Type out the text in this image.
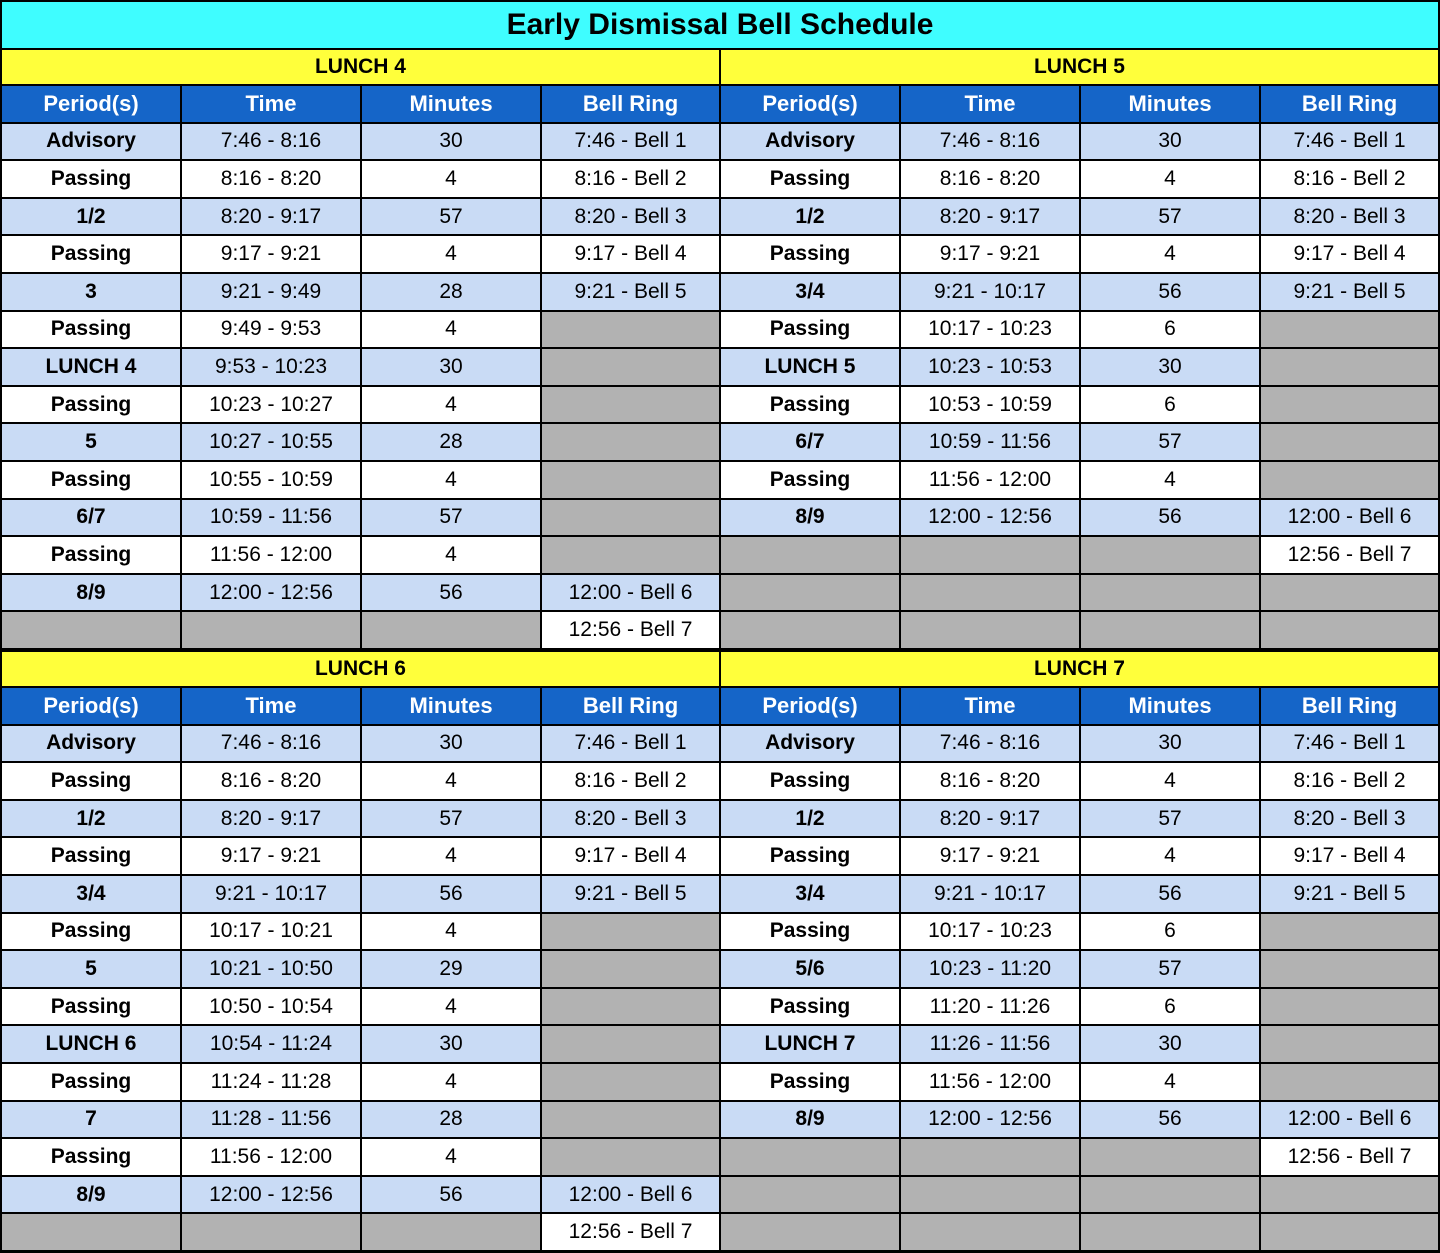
Early Dismissal Bell Schedule
LUNCH 4
Period(s)	Time	Minutes	Bell Ring
Advisory	7:46 - 8:16	30	7:46 - Bell 1
Passing	8:16 - 8:20	4	8:16 - Bell 2
1/2	8:20 - 9:17	57	8:20 - Bell 3
Passing	9:17 - 9:21	4	9:17 - Bell 4
3	9:21 - 9:49	28	9:21 - Bell 5
Passing	9:49 - 9:53	4
LUNCH 4	9:53 - 10:23	30
Passing	10:23 - 10:27	4
5	10:27 - 10:55	28
Passing	10:55 - 10:59	4
6/7	10:59 - 11:56	57
Passing	11:56 - 12:00	4
8/9	12:00 - 12:56	56	12:00 - Bell 6
12:56 - Bell 7
LUNCH 5
Period(s)	Time	Minutes	Bell Ring
Advisory	7:46 - 8:16	30	7:46 - Bell 1
Passing	8:16 - 8:20	4	8:16 - Bell 2
1/2	8:20 - 9:17	57	8:20 - Bell 3
Passing	9:17 - 9:21	4	9:17 - Bell 4
3/4	9:21 - 10:17	56	9:21 - Bell 5
Passing	10:17 - 10:23	6
LUNCH 5	10:23 - 10:53	30
Passing	10:53 - 10:59	6
6/7	10:59 - 11:56	57
Passing	11:56 - 12:00	4
8/9	12:00 - 12:56	56	12:00 - Bell 6
12:56 - Bell 7
LUNCH 6
Period(s)	Time	Minutes	Bell Ring
Advisory	7:46 - 8:16	30	7:46 - Bell 1
Passing	8:16 - 8:20	4	8:16 - Bell 2
1/2	8:20 - 9:17	57	8:20 - Bell 3
Passing	9:17 - 9:21	4	9:17 - Bell 4
3/4	9:21 - 10:17	56	9:21 - Bell 5
Passing	10:17 - 10:21	4
5	10:21 - 10:50	29
Passing	10:50 - 10:54	4
LUNCH 6	10:54 - 11:24	30
Passing	11:24 - 11:28	4
7	11:28 - 11:56	28
Passing	11:56 - 12:00	4
8/9	12:00 - 12:56	56	12:00 - Bell 6
12:56 - Bell 7
LUNCH 7
Period(s)	Time	Minutes	Bell Ring
Advisory	7:46 - 8:16	30	7:46 - Bell 1
Passing	8:16 - 8:20	4	8:16 - Bell 2
1/2	8:20 - 9:17	57	8:20 - Bell 3
Passing	9:17 - 9:21	4	9:17 - Bell 4
3/4	9:21 - 10:17	56	9:21 - Bell 5
Passing	10:17 - 10:23	6
5/6	10:23 - 11:20	57
Passing	11:20 - 11:26	6
LUNCH 7	11:26 - 11:56	30
Passing	11:56 - 12:00	4
8/9	12:00 - 12:56	56	12:00 - Bell 6
12:56 - Bell 7
